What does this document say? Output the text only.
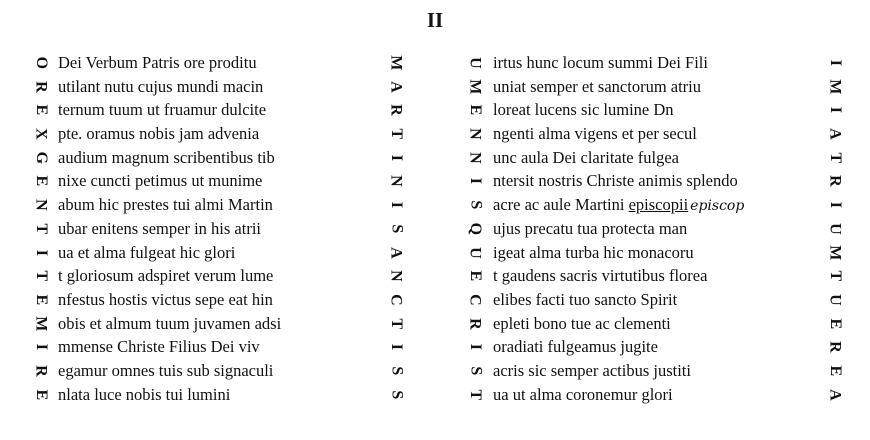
II
O
R
E
X
G
E
N
T
I
T
E
M
I
R
E
Dei Verbum Patris ore proditu
utilant nutu cujus mundi macin
ternum tuum ut fruamur dulcite
pte. oramus nobis jam advenia
audium magnum scribentibus tib
nixe cuncti petimus ut munime
abum hic prestes tui almi Martin
ubar enitens semper in his atrii
ua et alma fulgeat hic glori
t gloriosum adspiret verum lume
nfestus hostis victus sepe eat hin
obis et almum tuum juvamen adsi
mmense Christe Filius Dei viv
egamur omnes tuis sub signaculi
nlata luce nobis tui lumini
M
A
R
T
I
N
I
S
A
N
C
T
I
S
S
U
M
E
N
N
I
S
Q
U
E
C
R
I
S
T
irtus hunc locum summi Dei Fili
uniat semper et sanctorum atriu
loreat lucens sic lumine Dn
ngenti alma vigens et per secul
unc aula Dei claritate fulgea
ntersit nostris Christe animis splendo
acre ac aule Martini episcopii episcop
ujus precatu tua protecta man
igeat alma turba hic monacoru
t gaudens sacris virtutibus florea
elibes facti tuo sancto Spirit
epleti bono tue ac clementi
oradiati fulgeamus jugite
acris sic semper actibus justiti
ua ut alma coronemur glori
I
M
I
A
T
R
I
U
M
T
U
E
R
E
A
